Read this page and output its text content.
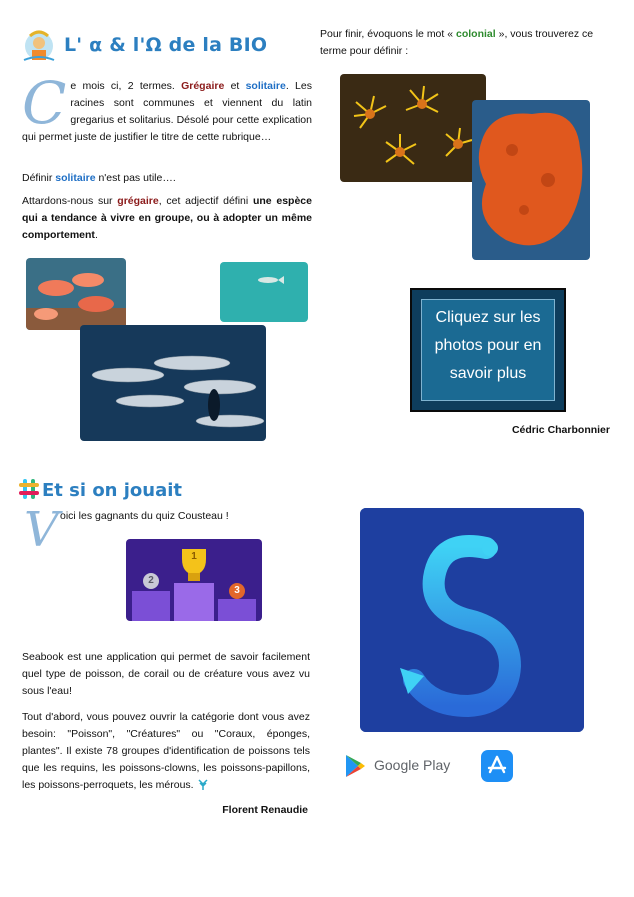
L' α & l'Ω de la BIO
C e mois ci, 2 termes. Grégaire et solitaire. Les racines sont communes et viennent du latin gregarius et solitarius. Désolé pour cette explication qui permet juste de justifier le titre de cette rubrique…
Définir solitaire n'est pas utile….
Attardons-nous sur grégaire, cet adjectif défini une espèce qui a tendance à vivre en groupe, ou à adopter un même comportement.
Pour finir, évoquons le mot « colonial », vous trouverez ce terme pour définir :
Cliquez sur les photos pour en savoir plus
Cédric Charbonnier
Et si on jouait
V oici les gagnants du quiz Cousteau !
1
2
3
Seabook est une application qui permet de savoir facilement quel type de poisson, de corail ou de créature vous avez vu sous l'eau!
Tout d'abord, vous pouvez ouvrir la catégorie dont vous avez besoin: "Poisson", "Créatures" ou "Coraux, éponges, plantes". Il existe 78 groupes d'identification de poissons tels que les requins, les poissons-clowns, les poissons-papillons, les poissons-perroquets, les mérous.
Florent Renaudie
Google Play
